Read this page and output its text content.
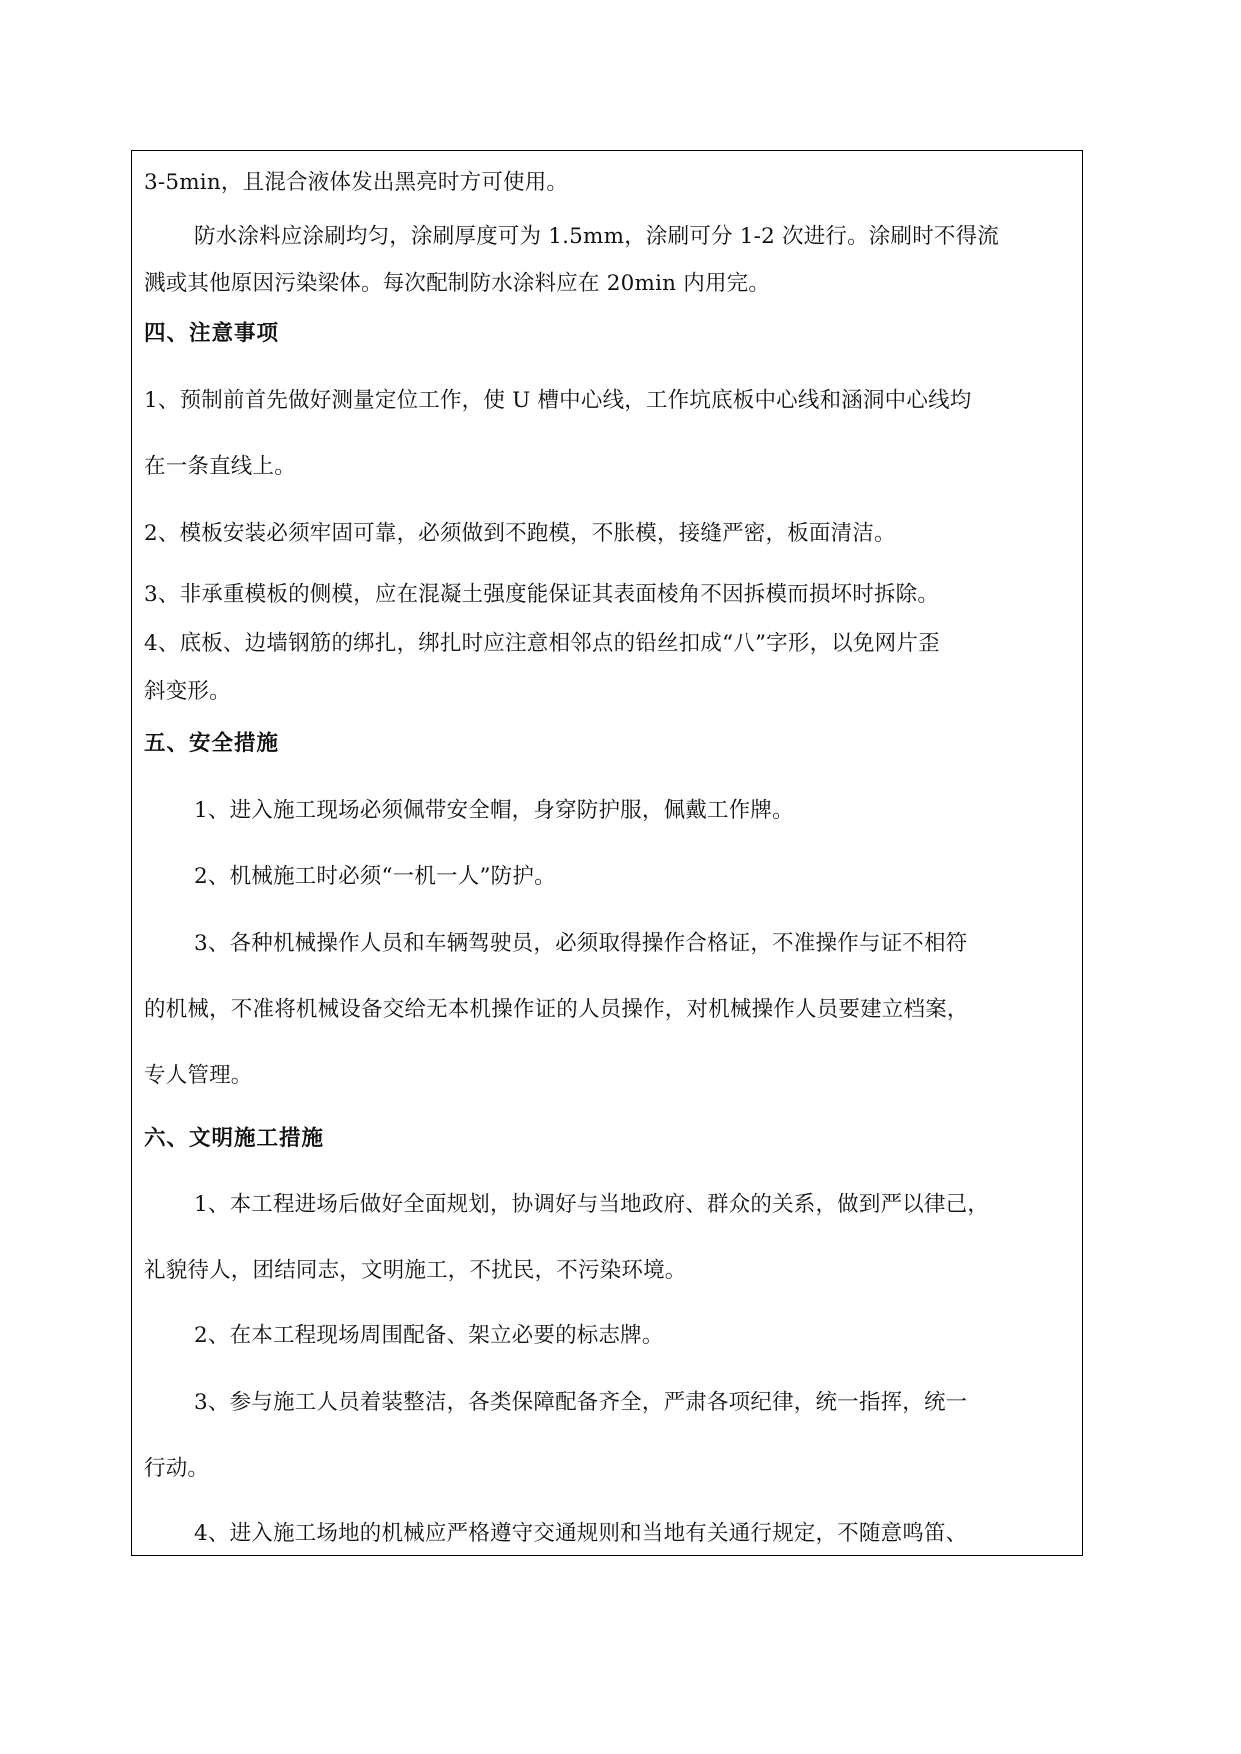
3-5min，且混合液体发出黑亮时方可使用。
防水涂料应涂刷均匀，涂刷厚度可为 1.5mm，涂刷可分 1-2 次进行。涂刷时不得流
溅或其他原因污染梁体。每次配制防水涂料应在 20min 内用完。
四、注意事项
1、预制前首先做好测量定位工作，使 U 槽中心线，工作坑底板中心线和涵洞中心线均
在一条直线上。
2、模板安装必须牢固可靠，必须做到不跑模，不胀模，接缝严密，板面清洁。
3、非承重模板的侧模，应在混凝土强度能保证其表面棱角不因拆模而损坏时拆除。
4、底板、边墙钢筋的绑扎，绑扎时应注意相邻点的铅丝扣成“八”字形，以免网片歪
斜变形。
五、安全措施
1、进入施工现场必须佩带安全帽，身穿防护服，佩戴工作牌。
2、机械施工时必须“一机一人”防护。
3、各种机械操作人员和车辆驾驶员，必须取得操作合格证，不准操作与证不相符
的机械，不准将机械设备交给无本机操作证的人员操作，对机械操作人员要建立档案，
专人管理。
六、文明施工措施
1、本工程进场后做好全面规划，协调好与当地政府、群众的关系，做到严以律己，
礼貌待人，团结同志，文明施工，不扰民，不污染环境。
2、在本工程现场周围配备、架立必要的标志牌。
3、参与施工人员着装整洁，各类保障配备齐全，严肃各项纪律，统一指挥，统一
行动。
4、进入施工场地的机械应严格遵守交通规则和当地有关通行规定，不随意鸣笛、
